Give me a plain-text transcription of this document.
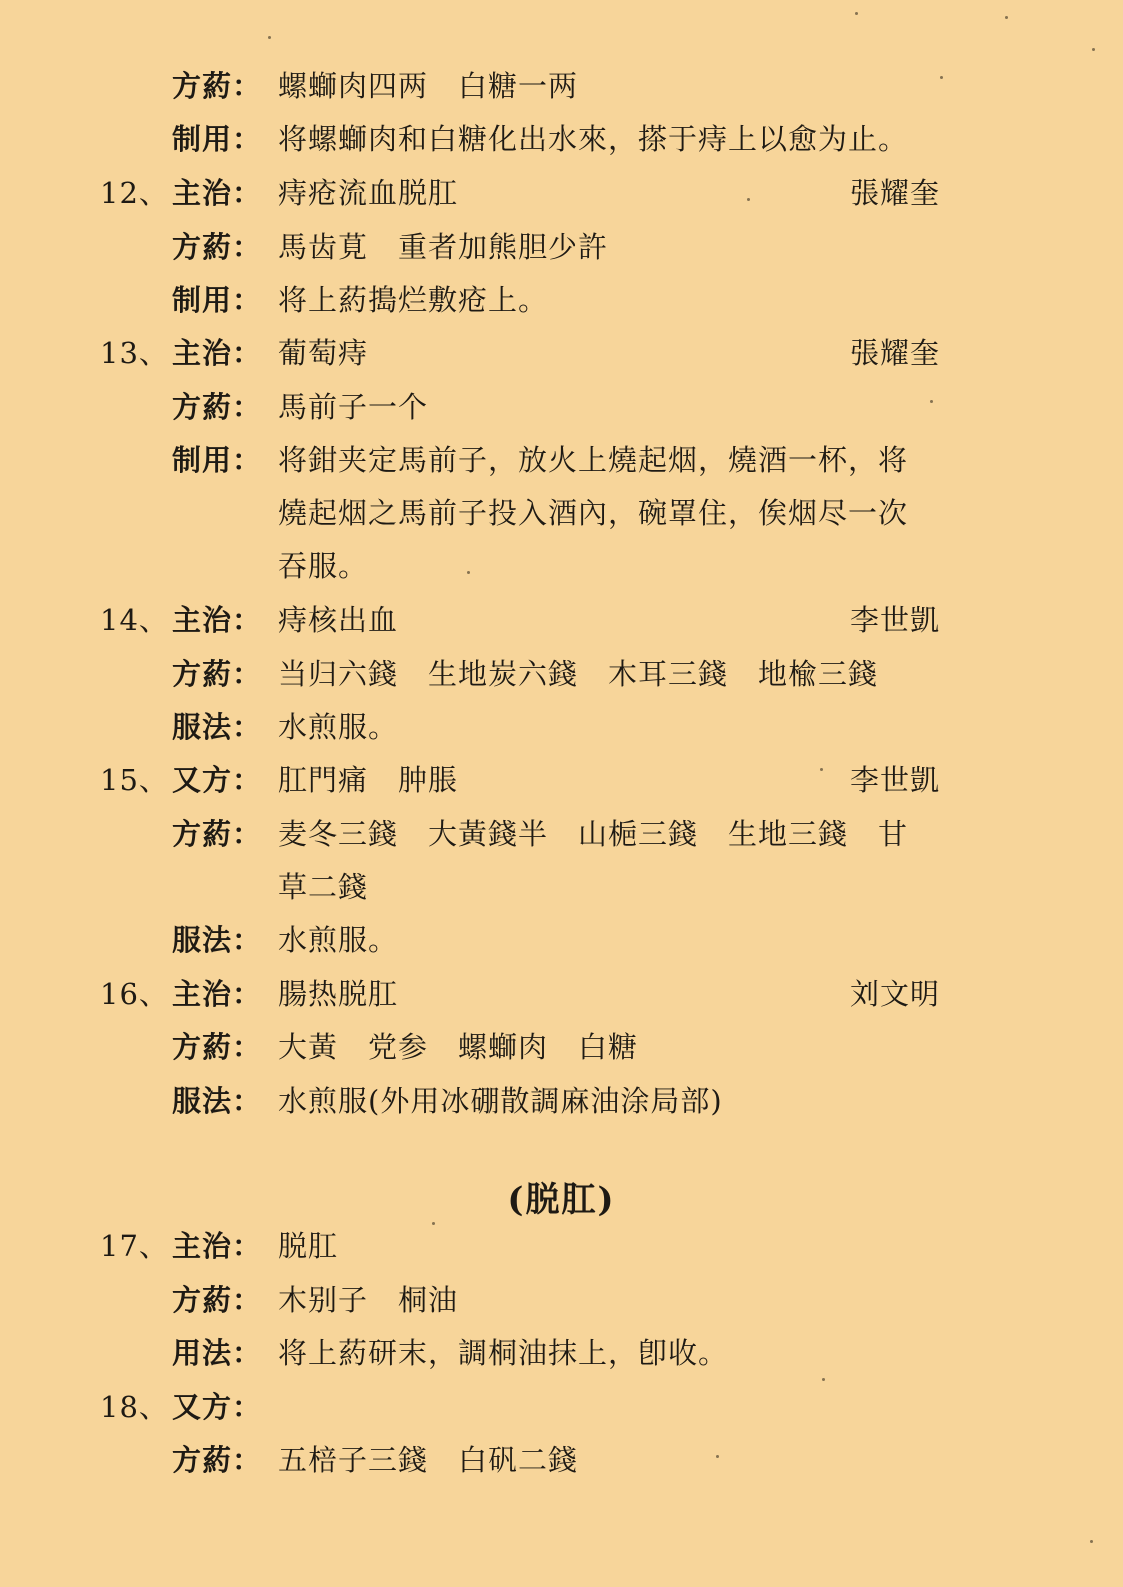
方葯： 螺螄肉四两　白糖一两
制用： 将螺螄肉和白糖化出水來，搽于痔上以愈为止。
12、 主治： 痔疮流血脱肛	張耀奎
方葯： 馬齿莧　重者加熊胆少許
制用： 将上葯搗烂敷疮上。
13、 主治： 葡萄痔	張耀奎
方葯： 馬前子一个
制用： 将鉗夹定馬前子，放火上燒起烟，燒酒一杯，将
燒起烟之馬前子投入酒內，碗罩住，俟烟尽一次
吞服。
14、 主治： 痔核出血	李世凱
方葯： 当归六錢　生地炭六錢　木耳三錢　地楡三錢
服法： 水煎服。
15、 又方： 肛門痛　肿脹	李世凱
方葯： 麦冬三錢　大黃錢半　山梔三錢　生地三錢　甘
草二錢
服法： 水煎服。
16、 主治： 腸热脱肛	刘文明
方葯： 大黃　党参　螺螄肉　白糖
服法： 水煎服(外用冰硼散調麻油涂局部)
(脱肛)
17、 主治： 脱肛
方葯： 木别子　桐油
用法： 将上葯研末，調桐油抹上，卽收。
18、 又方：
方葯： 五棓子三錢　白矾二錢
